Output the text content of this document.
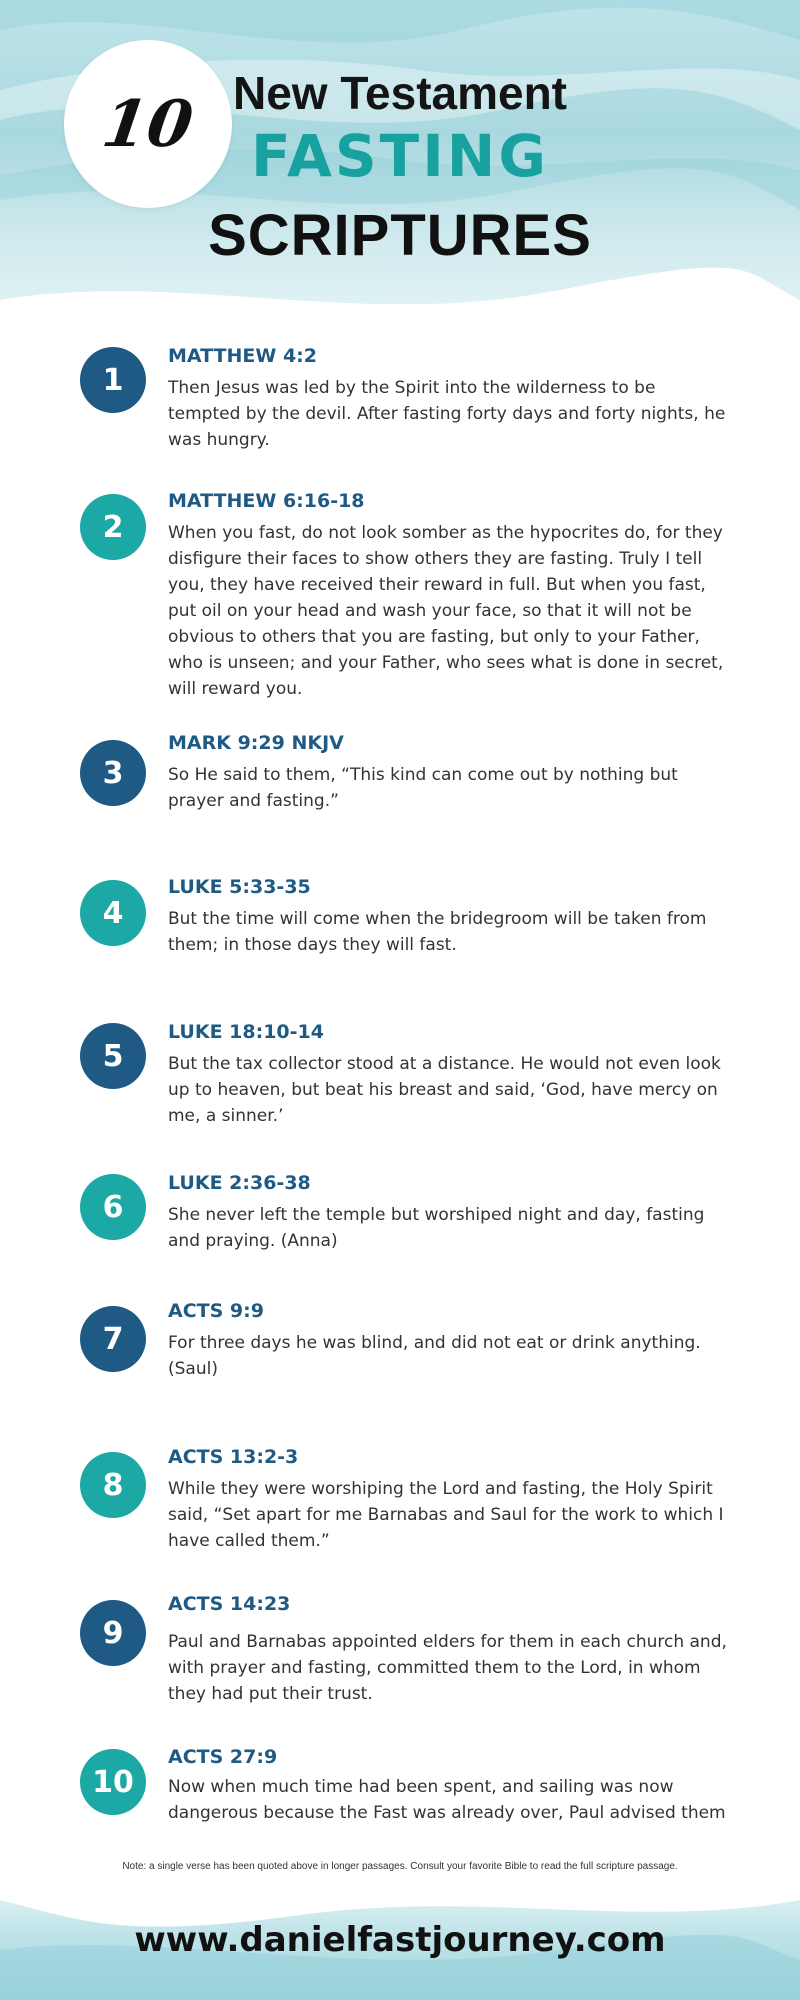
10 New Testament
FASTING
SCRIPTURES
1
MATTHEW 4:2
Then Jesus was led by the Spirit into the wilderness to be tempted by the devil. After fasting forty days and forty nights, he was hungry.
2
MATTHEW 6:16-18
When you fast, do not look somber as the hypocrites do, for they disfigure their faces to show others they are fasting. Truly I tell you, they have received their reward in full. But when you fast, put oil on your head and wash your face, so that it will not be obvious to others that you are fasting, but only to your Father, who is unseen; and your Father, who sees what is done in secret, will reward you.
3
MARK 9:29 NKJV
So He said to them, “This kind can come out by nothing but prayer and fasting.”
4
LUKE 5:33-35
But the time will come when the bridegroom will be taken from them; in those days they will fast.
5
LUKE 18:10-14
But the tax collector stood at a distance. He would not even look up to heaven, but beat his breast and said, ‘God, have mercy on me, a sinner.’
6
LUKE 2:36-38
She never left the temple but worshiped night and day, fasting and praying. (Anna)
7
ACTS 9:9
For three days he was blind, and did not eat or drink anything. (Saul)
8
ACTS 13:2-3
While they were worshiping the Lord and fasting, the Holy Spirit said, “Set apart for me Barnabas and Saul for the work to which I have called them.”
9
ACTS 14:23
Paul and Barnabas appointed elders for them in each church and, with prayer and fasting, committed them to the Lord, in whom they had put their trust.
10
ACTS 27:9
Now when much time had been spent, and sailing was now dangerous because the Fast was already over, Paul advised them
Note: a single verse has been quoted above in longer passages. Consult your favorite Bible to read the full scripture passage.
www.danielfastjourney.com
